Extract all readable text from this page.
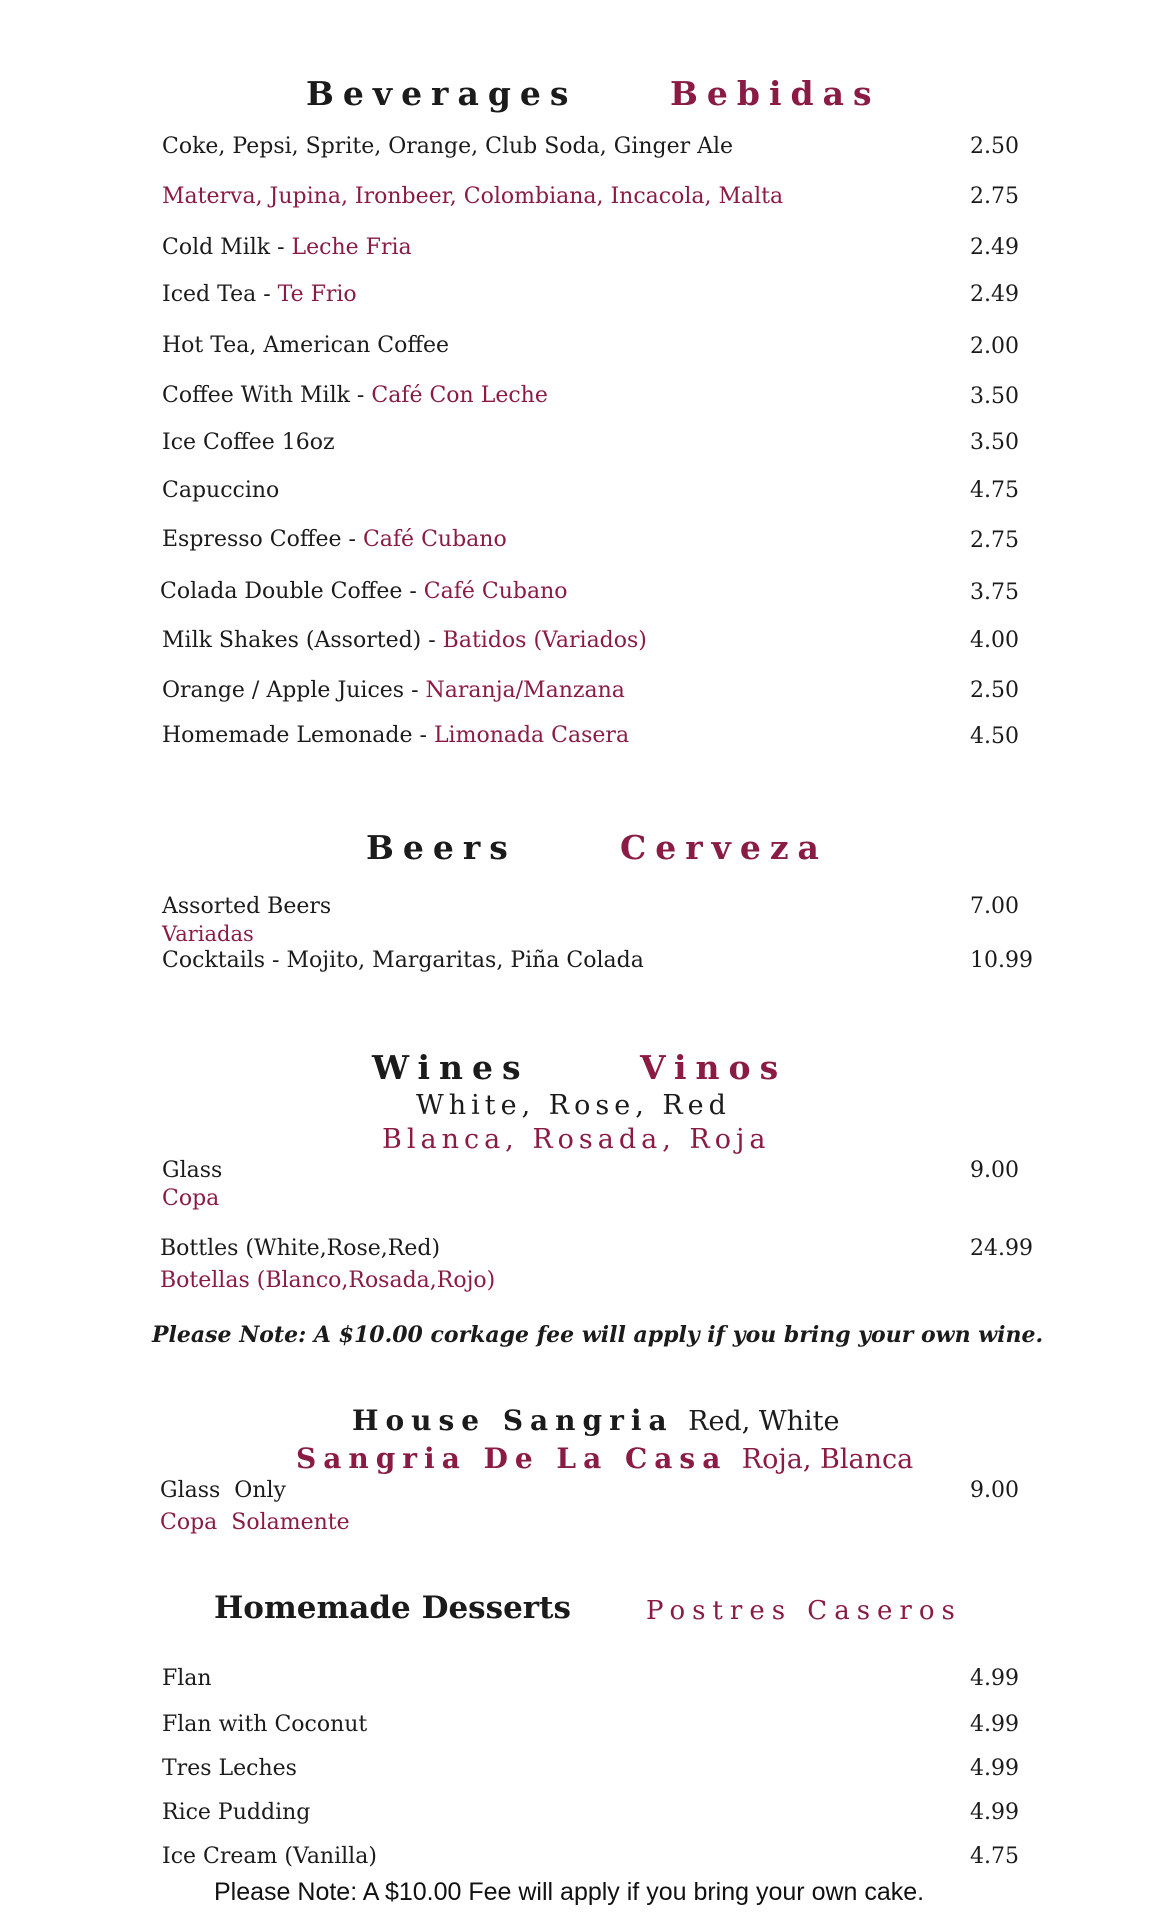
Beverages	Bebidas
Coke, Pepsi, Sprite, Orange, Club Soda, Ginger Ale	2.50
Materva, Jupina, Ironbeer, Colombiana, Incacola, Malta	2.75
Cold Milk - Leche Fria	2.49
Iced Tea - Te Frio	2.49
Hot Tea, American Coffee	2.00
Coffee With Milk - Café Con Leche	3.50
Ice Coffee 16oz	3.50
Capuccino	4.75
Espresso Coffee - Café Cubano	2.75
Colada Double Coffee - Café Cubano	3.75
Milk Shakes (Assorted) - Batidos (Variados)	4.00
Orange / Apple Juices - Naranja/Manzana	2.50
Homemade Lemonade - Limonada Casera	4.50
Beers	Cerveza
Assorted Beers	7.00
Variadas
Cocktails - Mojito, Margaritas, Piña Colada	10.99
Wines	Vinos
White, Rose, Red
Blanca, Rosada, Roja
Glass	9.00
Copa
Bottles (White,Rose,Red)	24.99
Botellas (Blanco,Rosada,Rojo)
Please Note: A $10.00 corkage fee will apply if you bring your own wine.
House Sangria Red, White
Sangria De La Casa Roja, Blanca
Glass  Only	9.00
Copa  Solamente
Homemade Desserts	Postres Caseros
Flan	4.99
Flan with Coconut	4.99
Tres Leches	4.99
Rice Pudding	4.99
Ice Cream (Vanilla)	4.75
Please Note: A $10.00 Fee will apply if you bring your own cake.
